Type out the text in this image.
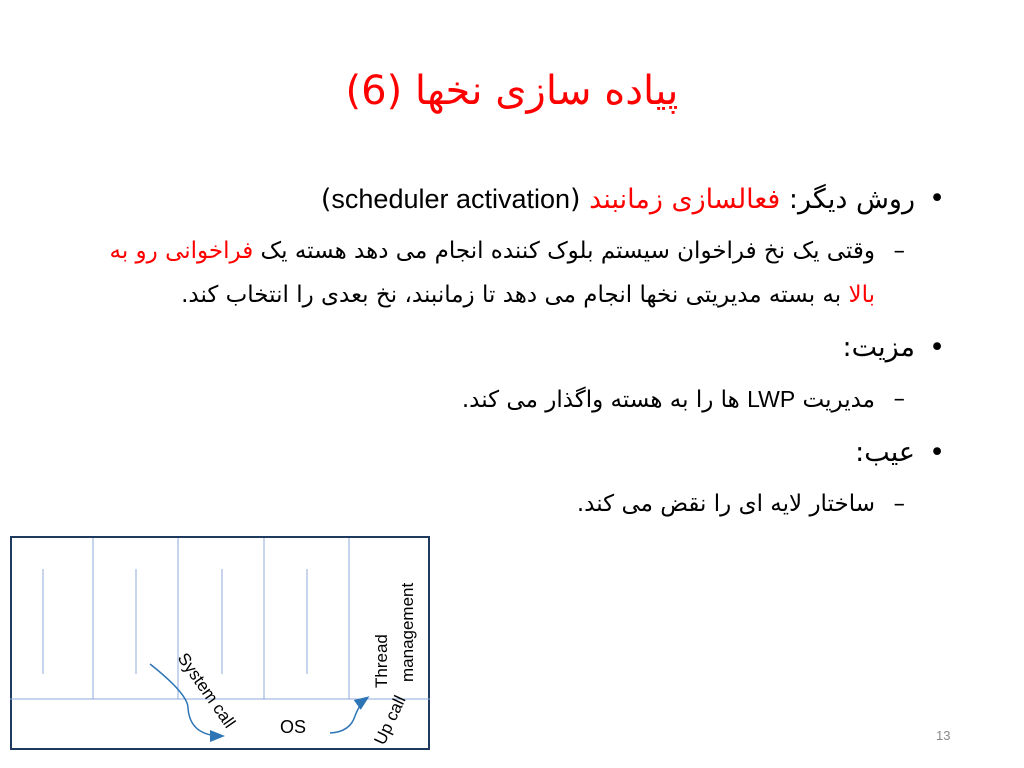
پیاده سازی نخها (6)
•
روش دیگر: فعالسازی زمانبند (scheduler activation)
–
وقتی یک نخ فراخوان سیستم بلوک کننده انجام می دهد هسته یک فراخوانی رو به بالا به بسته مدیریتی نخها انجام می دهد تا زمانبند، نخ بعدی را انتخاب کند.
•
مزیت:
–
مدیریت LWP ها را به هسته واگذار می کند.
•
عیب:
–
ساختار لایه ای را نقض می کند.
OS
System call	Up call
Thread management
13
